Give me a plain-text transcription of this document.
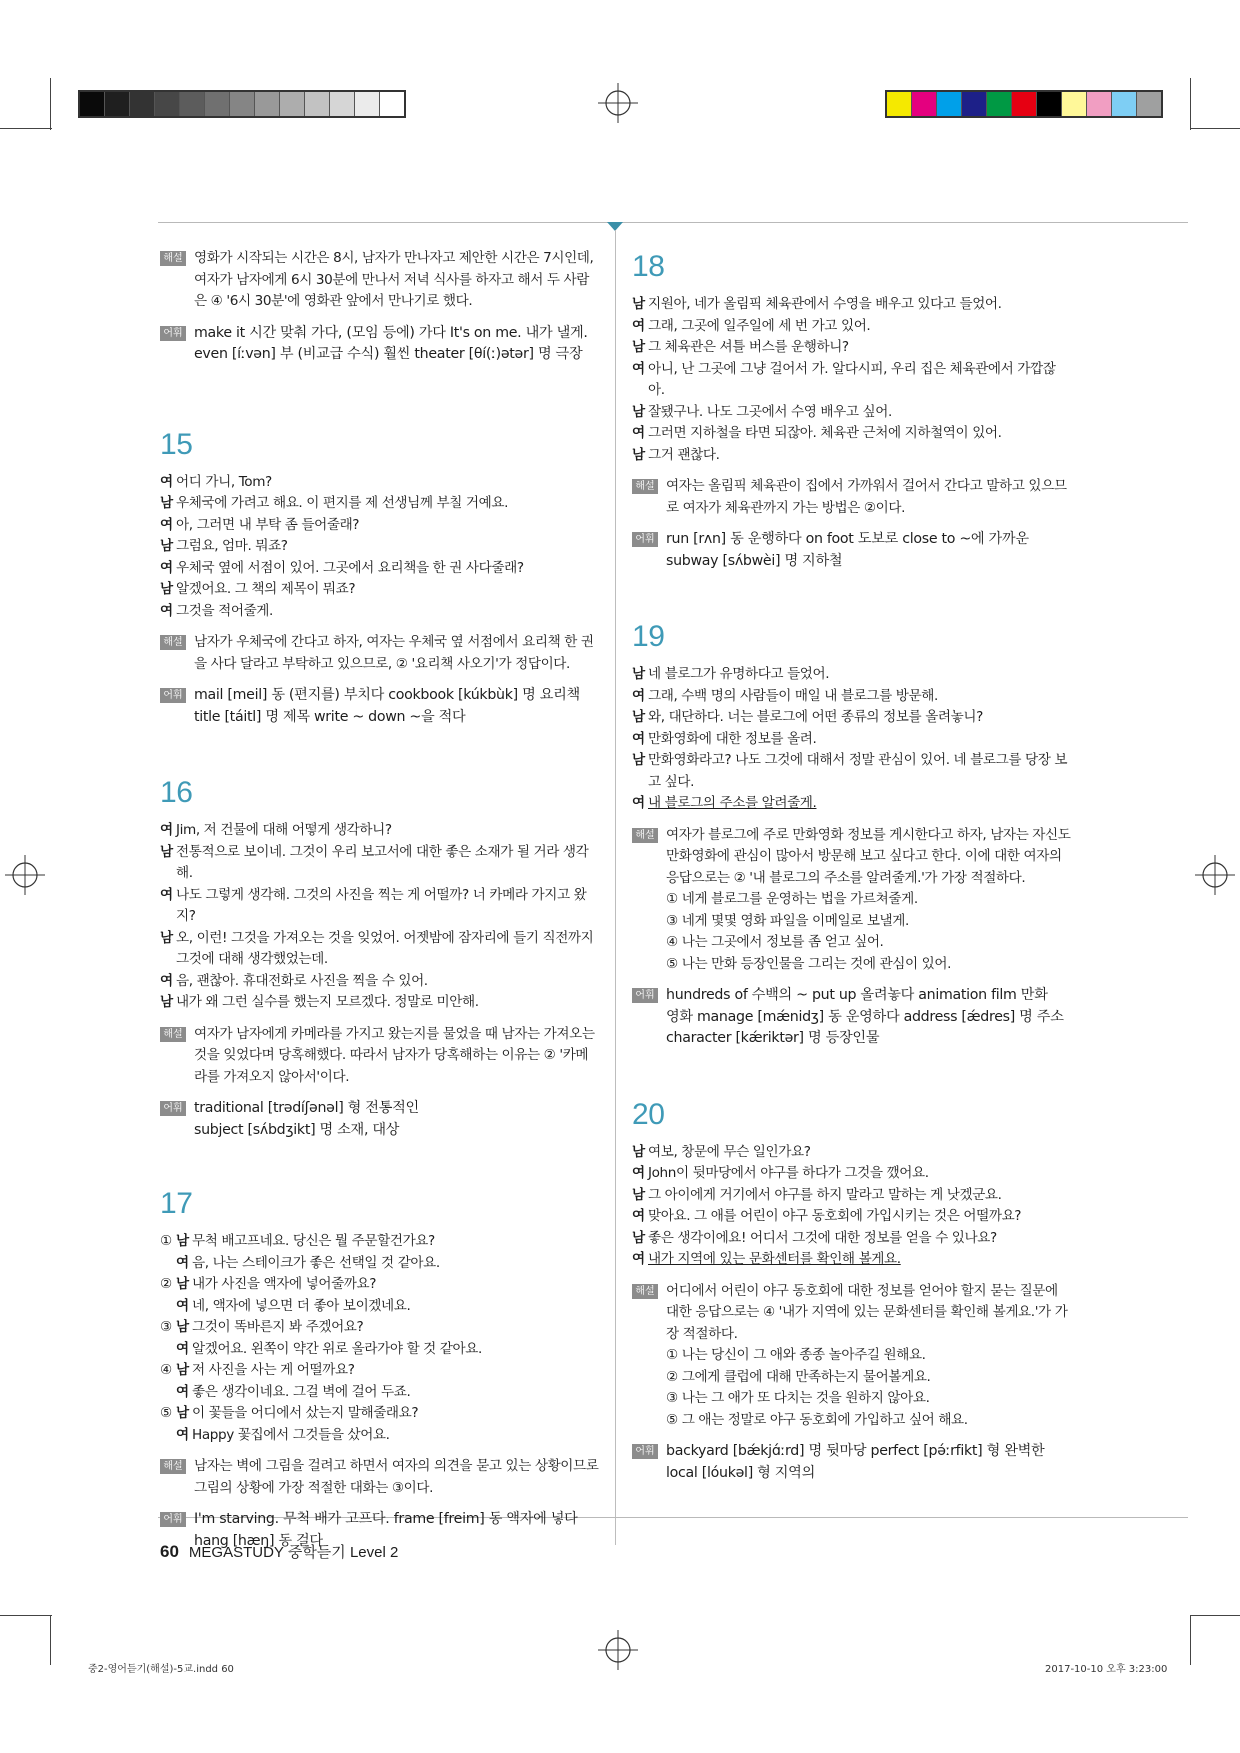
해설 영화가 시작되는 시간은 8시, 남자가 만나자고 제안한 시간은 7시인데, 여자가 남자에게 6시 30분에 만나서 저녁 식사를 하자고 해서 두 사람은 ④ '6시 30분'에 영화관 앞에서 만나기로 했다.
어휘 make it 시간 맞춰 가다, (모임 등에) 가다 It's on me. 내가 낼게.
even [íːvən] 부 (비교급 수식) 훨씬 theater [θí(ː)ətər] 명 극장
15
여 어디 가니, Tom?
남 우체국에 가려고 해요. 이 편지를 제 선생님께 부칠 거예요.
여 아, 그러면 내 부탁 좀 들어줄래?
남 그럼요, 엄마. 뭐죠?
여 우체국 옆에 서점이 있어. 그곳에서 요리책을 한 권 사다줄래?
남 알겠어요. 그 책의 제목이 뭐죠?
여 그것을 적어줄게.
해설 남자가 우체국에 간다고 하자, 여자는 우체국 옆 서점에서 요리책 한 권을 사다 달라고 부탁하고 있으므로, ② '요리책 사오기'가 정답이다.
어휘 mail [meil] 동 (편지를) 부치다 cookbook [kúkbùk] 명 요리책
title [táitl] 명 제목 write ~ down ~을 적다
16
여 Jim, 저 건물에 대해 어떻게 생각하니?
남 전통적으로 보이네. 그것이 우리 보고서에 대한 좋은 소재가 될 거라 생각해.
여 나도 그렇게 생각해. 그것의 사진을 찍는 게 어떨까? 너 카메라 가지고 왔지?
남 오, 이런! 그것을 가져오는 것을 잊었어. 어젯밤에 잠자리에 들기 직전까지 그것에 대해 생각했었는데.
여 음, 괜찮아. 휴대전화로 사진을 찍을 수 있어.
남 내가 왜 그런 실수를 했는지 모르겠다. 정말로 미안해.
해설 여자가 남자에게 카메라를 가지고 왔는지를 물었을 때 남자는 가져오는 것을 잊었다며 당혹해했다. 따라서 남자가 당혹해하는 이유는 ② '카메라를 가져오지 않아서'이다.
어휘 traditional [trədíʃənəl] 형 전통적인
subject [sʌ́bdʒikt] 명 소재, 대상
17
① 남 무척 배고프네요. 당신은 뭘 주문할건가요?
여 음, 나는 스테이크가 좋은 선택일 것 같아요.
② 남 내가 사진을 액자에 넣어줄까요?
여 네, 액자에 넣으면 더 좋아 보이겠네요.
③ 남 그것이 똑바른지 봐 주겠어요?
여 알겠어요. 왼쪽이 약간 위로 올라가야 할 것 같아요.
④ 남 저 사진을 사는 게 어떨까요?
여 좋은 생각이네요. 그걸 벽에 걸어 두죠.
⑤ 남 이 꽃들을 어디에서 샀는지 말해줄래요?
여 Happy 꽃집에서 그것들을 샀어요.
해설 남자는 벽에 그림을 걸려고 하면서 여자의 의견을 묻고 있는 상황이므로 그림의 상황에 가장 적절한 대화는 ③이다.
어휘 I'm starving. 무척 배가 고프다. frame [freim] 동 액자에 넣다
hang [hæŋ] 동 걸다
18
남 지원아, 네가 올림픽 체육관에서 수영을 배우고 있다고 들었어.
여 그래, 그곳에 일주일에 세 번 가고 있어.
남 그 체육관은 셔틀 버스를 운행하니?
여 아니, 난 그곳에 그냥 걸어서 가. 알다시피, 우리 집은 체육관에서 가깝잖아.
남 잘됐구나. 나도 그곳에서 수영 배우고 싶어.
여 그러면 지하철을 타면 되잖아. 체육관 근처에 지하철역이 있어.
남 그거 괜찮다.
해설 여자는 올림픽 체육관이 집에서 가까워서 걸어서 간다고 말하고 있으므로 여자가 체육관까지 가는 방법은 ②이다.
어휘 run [rʌn] 동 운행하다 on foot 도보로 close to ~에 가까운
subway [sʌ́bwèi] 명 지하철
19
남 네 블로그가 유명하다고 들었어.
여 그래, 수백 명의 사람들이 매일 내 블로그를 방문해.
남 와, 대단하다. 너는 블로그에 어떤 종류의 정보를 올려놓니?
여 만화영화에 대한 정보를 올려.
남 만화영화라고? 나도 그것에 대해서 정말 관심이 있어. 네 블로그를 당장 보고 싶다.
여 내 블로그의 주소를 알려줄게.
해설 여자가 블로그에 주로 만화영화 정보를 게시한다고 하자, 남자는 자신도 만화영화에 관심이 많아서 방문해 보고 싶다고 한다. 이에 대한 여자의 응답으로는 ② '내 블로그의 주소를 알려줄게.'가 가장 적절하다.
① 네게 블로그를 운영하는 법을 가르쳐줄게.
③ 네게 몇몇 영화 파일을 이메일로 보낼게.
④ 나는 그곳에서 정보를 좀 얻고 싶어.
⑤ 나는 만화 등장인물을 그리는 것에 관심이 있어.
어휘 hundreds of 수백의 ~ put up 올려놓다 animation film 만화
영화 manage [mǽnidʒ] 동 운영하다 address [ǽdres] 명 주소
character [kǽriktər] 명 등장인물
20
남 여보, 창문에 무슨 일인가요?
여 John이 뒷마당에서 야구를 하다가 그것을 깼어요.
남 그 아이에게 거기에서 야구를 하지 말라고 말하는 게 낫겠군요.
여 맞아요. 그 애를 어린이 야구 동호회에 가입시키는 것은 어떨까요?
남 좋은 생각이에요! 어디서 그것에 대한 정보를 얻을 수 있나요?
여 내가 지역에 있는 문화센터를 확인해 볼게요.
해설 어디에서 어린이 야구 동호회에 대한 정보를 얻어야 할지 묻는 질문에 대한 응답으로는 ④ '내가 지역에 있는 문화센터를 확인해 볼게요.'가 가장 적절하다.
① 나는 당신이 그 애와 종종 놀아주길 원해요.
② 그에게 클럽에 대해 만족하는지 물어볼게요.
③ 나는 그 애가 또 다치는 것을 원하지 않아요.
⑤ 그 애는 정말로 야구 동호회에 가입하고 싶어 해요.
어휘 backyard [bǽkjɑ́ːrd] 명 뒷마당 perfect [pə́ːrfikt] 형 완벽한
local [lóukəl] 형 지역의
60 MEGASTUDY 중학듣기 Level 2
중2-영어듣기(해설)-5교.indd 60	2017-10-10 오후 3:23:00
